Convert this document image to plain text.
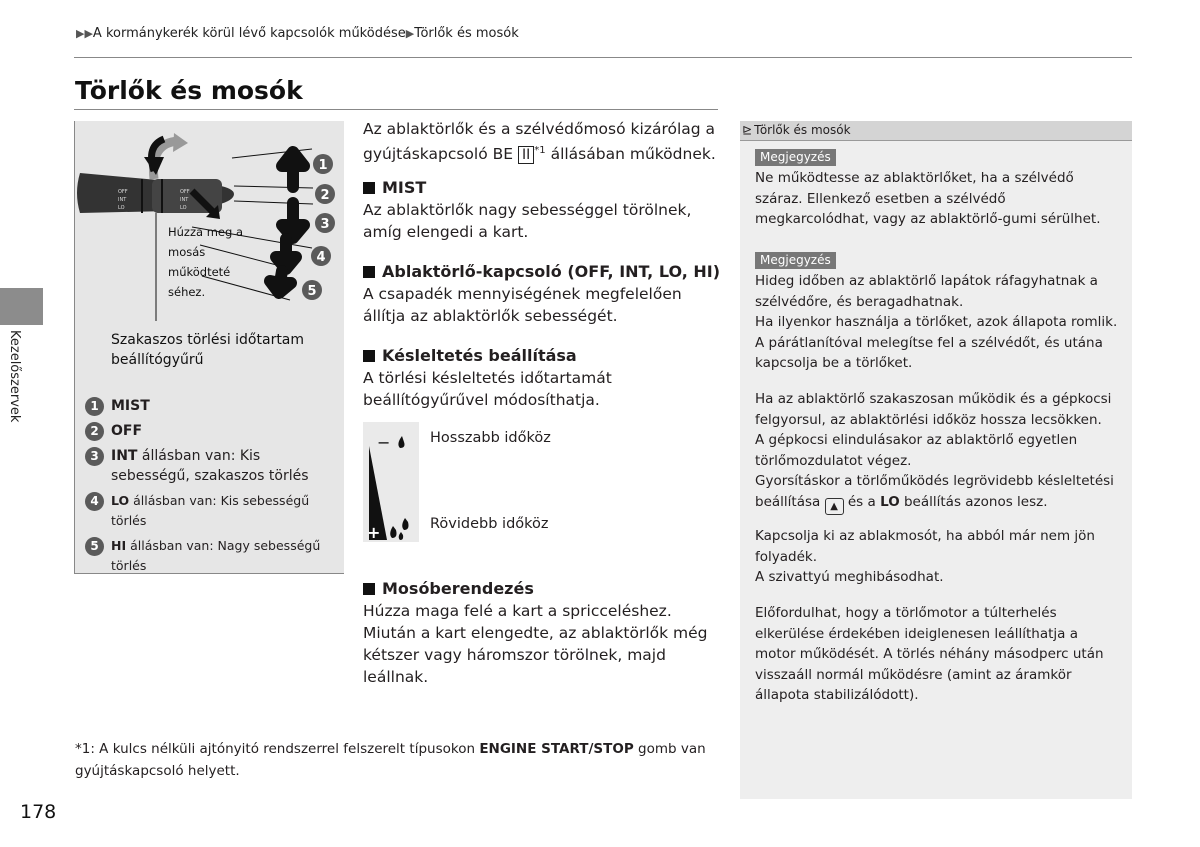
▶▶A kormánykerék körül lévő kapcsolók működése▶Törlők és mosók
Törlők és mosók
Kezelőszervek
OFF
INT
LO
OFF
INT
LO
1
2
3
4
5
Húzza meg a mosás működteté séhez.
Szakaszos törlési időtartam beállítógyűrű
1 MIST
2 OFF
3 INT állásban van: Kis sebességű, szakaszos törlés
4 LO állásban van: Kis sebességű törlés
5 HI állásban van: Nagy sebességű törlés

Az ablaktörlők és a szélvédőmosó kizárólag a gyújtáskapcsoló BE II $^{*1}$ állásában működnek.

MIST

Az ablaktörlők nagy sebességgel törölnek, amíg elengedi a kart.

Ablaktörlő-kapcsoló (OFF, INT, LO, HI)

A csapadék mennyiségének megfelelően állítja az ablaktörlők sebességét.

Késleltetés beállítása

A törlési késleltetés időtartamát beállítógyűrűvel módosíthatja.

−
+
Hosszabb időköz
Rövidebb időköz
Mosóberendezés

Húzza maga felé a kart a spricceléshez.

Miután a kart elengedte, az ablaktörlők még kétszer vagy háromszor törölnek, majd leállnak.

*1: A kulcs nélküli ajtónyitó rendszerrel felszerelt típusokon ENGINE START/STOP gomb van gyújtáskapcsoló helyett.
178
⊵ Törlők és mosók
Megjegyzés

Ne működtesse az ablaktörlőket, ha a szélvédő száraz. Ellenkező esetben a szélvédő megkarcolódhat, vagy az ablaktörlő-gumi sérülhet.

Megjegyzés

Hideg időben az ablaktörlő lapátok ráfagyhatnak a szélvédőre, és beragadhatnak.

Ha ilyenkor használja a törlőket, azok állapota romlik.

A párátlanítóval melegítse fel a szélvédőt, és utána kapcsolja be a törlőket.

Ha az ablaktörlő szakaszosan működik és a gépkocsi felgyorsul, az ablaktörlési időköz hossza lecsökken.

A gépkocsi elindulásakor az ablaktörlő egyetlen törlőmozdulatot végez.

Gyorsításkor a törlőműködés legrövidebb késleltetési beállítása ▲ és a LO beállítás azonos lesz.

Kapcsolja ki az ablakmosót, ha abból már nem jön folyadék.

A szivattyú meghibásodhat.

Előfordulhat, hogy a törlőmotor a túlterhelés elkerülése érdekében ideiglenesen leállíthatja a motor működését. A törlés néhány másodperc után visszaáll normál működésre (amint az áramkör állapota stabilizálódott).
